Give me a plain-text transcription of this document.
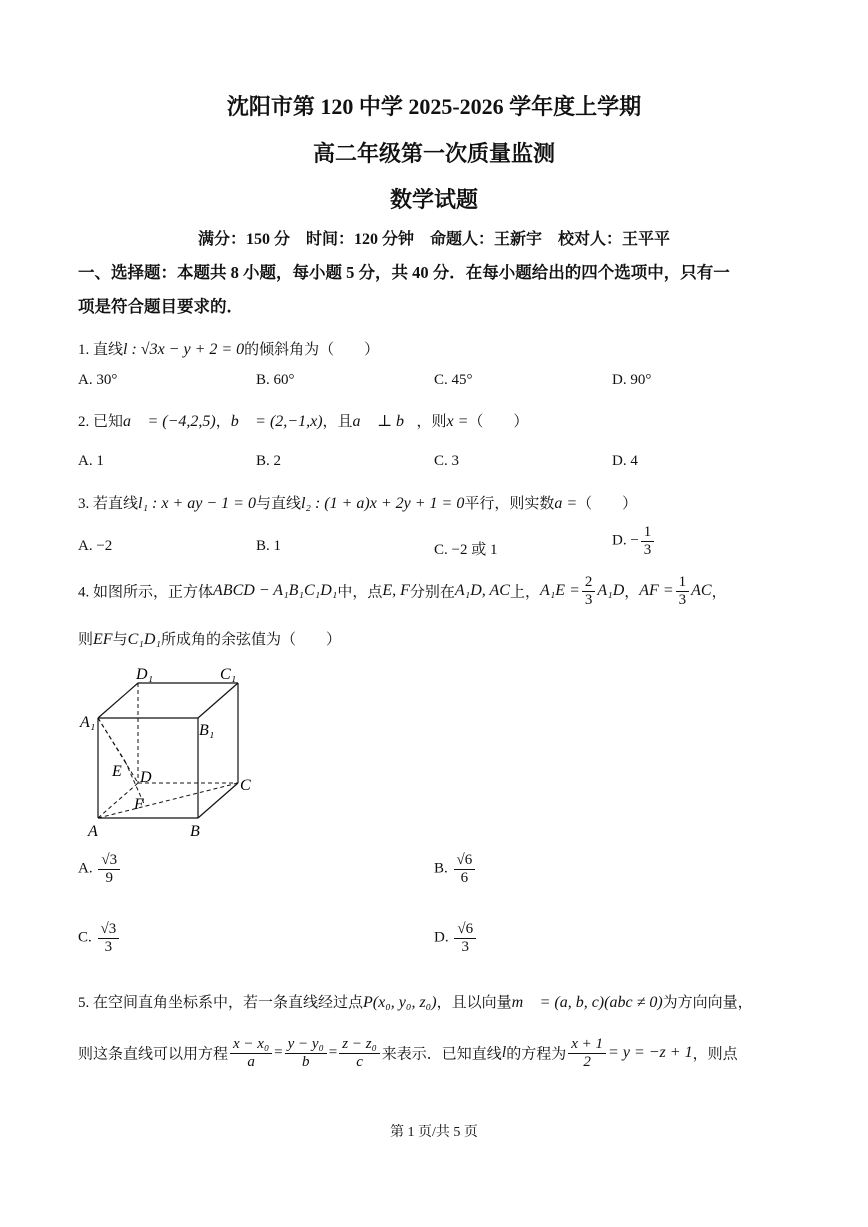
沈阳市第 120 中学 2025-2026 学年度上学期
高二年级第一次质量监测
数学试题
满分：150 分　时间：120 分钟　命题人：王新宇　校对人：王平平
一、选择题：本题共 8 小题，每小题 5 分，共 40 分．在每小题给出的四个选项中，只有一
项是符合题目要求的．
1. 直线l : √3x − y + 2 = 0的倾斜角为（　　）
A. 30°	B. 60°	C. 45°	D. 90°
2. 已知a⃗ = (−4,2,5)，b⃗ = (2,−1,x)，且a⃗ ⊥ b⃗，则x =（　　）
A. 1	B. 2	C. 3	D. 4
3. 若直线l₁ : x + ay − 1 = 0与直线l₂ : (1 + a)x + 2y + 1 = 0平行，则实数a =（　　）
A. −2	B. 1	C. −2 或 1
D. − $\frac{1}{3}$
4. 如图所示，正方体ABCD − A₁B₁C₁D₁中，点E, F分别在A₁D, AC上，$A_1E = \frac{2}{3} A_1D$，AF = $\frac{1}{3}$ AC，
则EF与C₁D₁所成角的余弦值为（　　）
D₁	C₁
A₁	B₁
E D	C
F
A	B
A. $\frac{√3}{9}$	B. $\frac{√6}{6}$
C. $\frac{√3}{3}$	D. $\frac{√6}{3}$
5. 在空间直角坐标系中，若一条直线经过点P(x₀, y₀, z₀)，且以向量m⃗ = (a, b, c)(abc ≠ 0)为方向向量，
则这条直线可以用方程 $\frac{\text{x − x₀}}{a} = \frac{\text{y − y₀}}{b} = \frac{\text{z − z₀}}{c}$ 来表示．已知直线l的方程为 $\frac{x + 1}{2} = y = -z + 1$，则点
第 1 页/共 5 页
